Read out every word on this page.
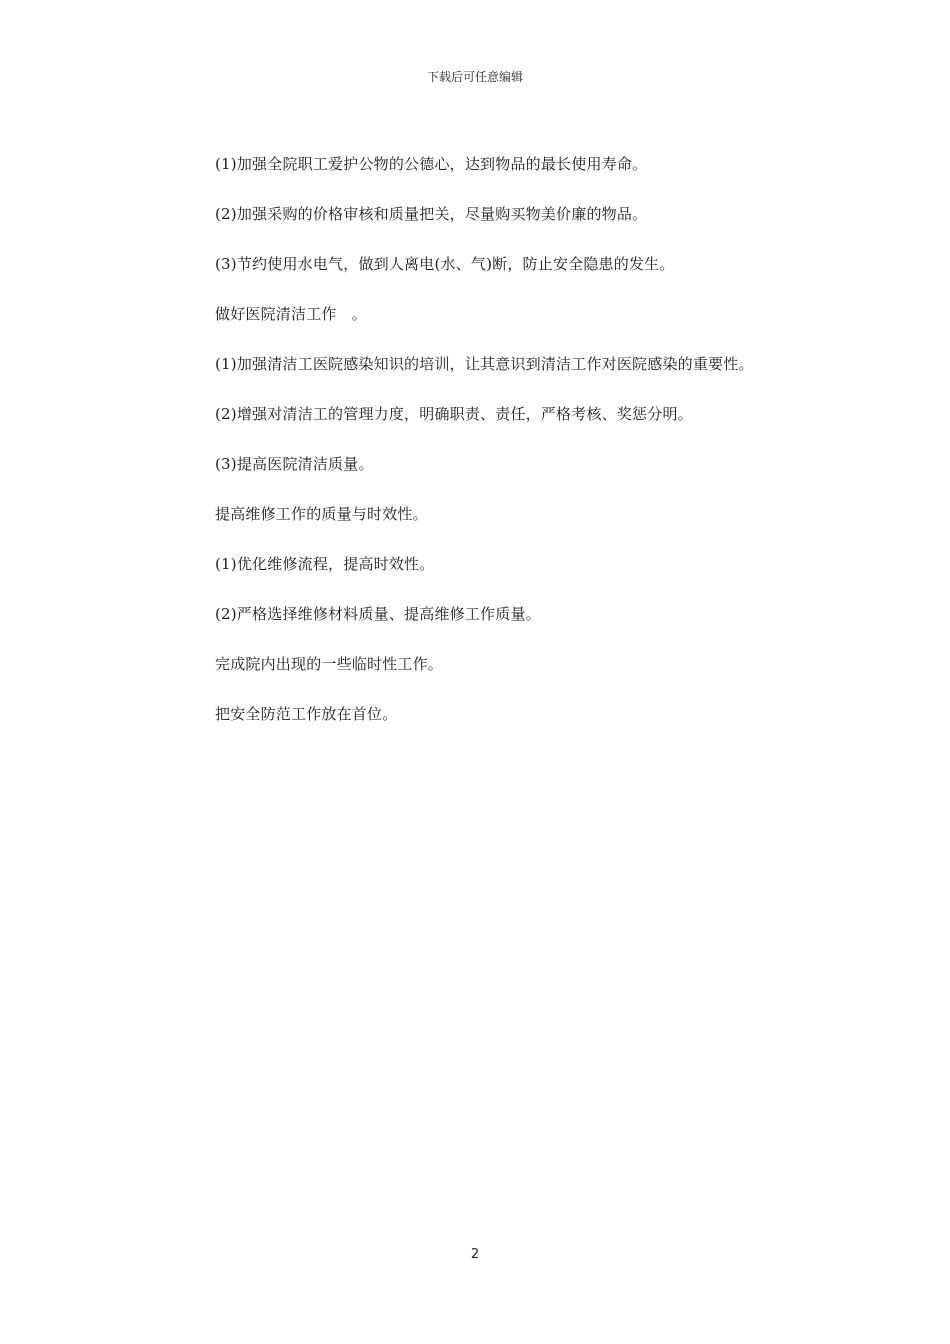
下载后可任意编辑

(1)加强全院职工爱护公物的公德心，达到物品的最长使用寿命。

(2)加强采购的价格审核和质量把关，尽量购买物美价廉的物品。

(3)节约使用水电气，做到人离电(水、气)断，防止安全隐患的发生。

做好医院清洁工作　。

(1)加强清洁工医院感染知识的培训，让其意识到清洁工作对医院感染的重要性。

(2)增强对清洁工的管理力度，明确职责、责任，严格考核、奖惩分明。

(3)提高医院清洁质量。

提高维修工作的质量与时效性。

(1)优化维修流程，提高时效性。

(2)严格选择维修材料质量、提高维修工作质量。

完成院内出现的一些临时性工作。

把安全防范工作放在首位。

2
